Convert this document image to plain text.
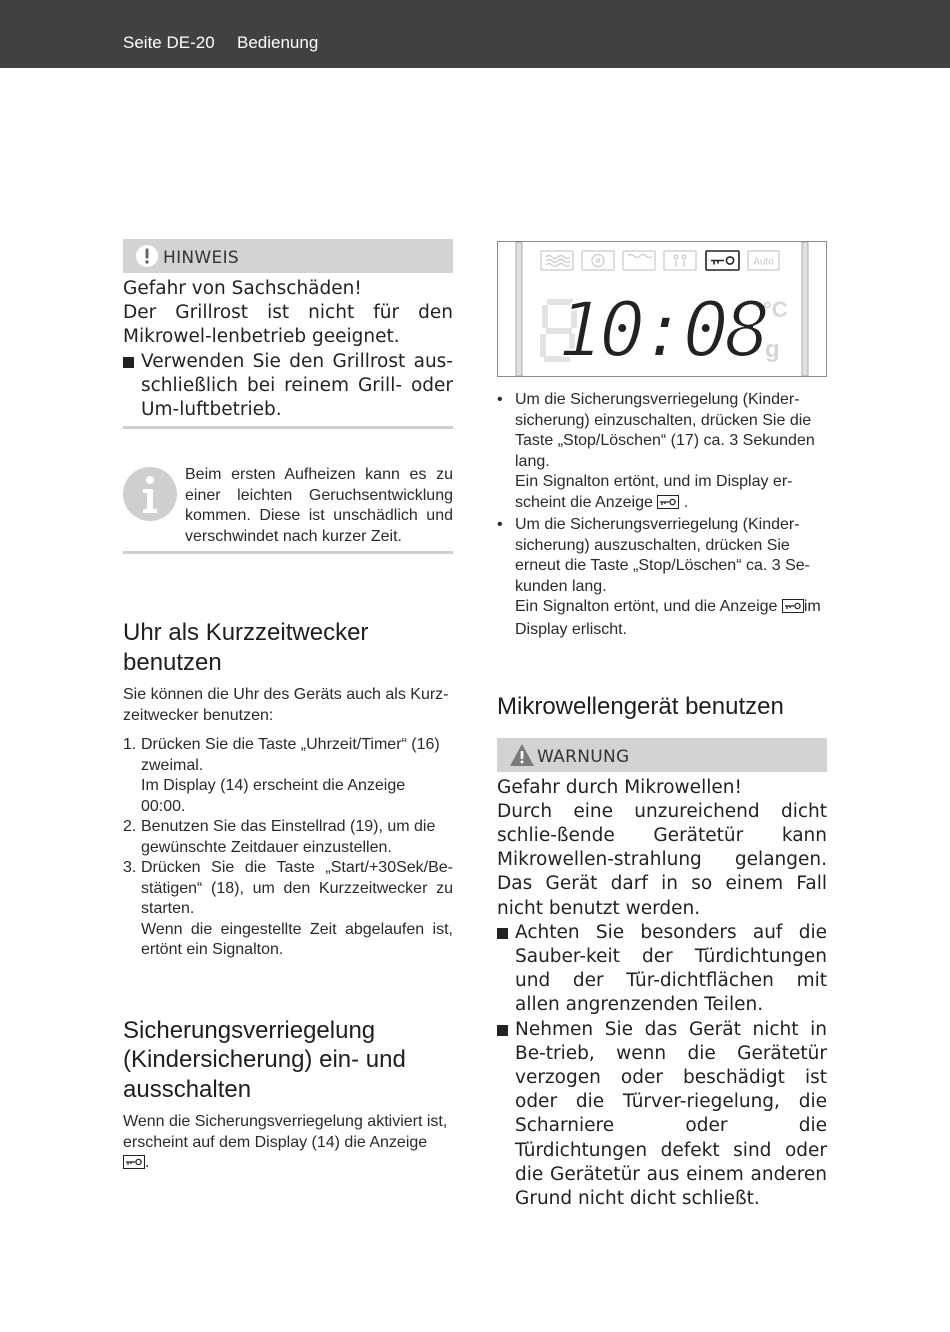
Seite DE-20 Bedienung
HINWEIS

Gefahr von Sachschäden!

Der Grillrost ist nicht für den Mikrowel-lenbetrieb geeignet.

Verwenden Sie den Grillrost aus-schließlich bei reinem Grill- oder Um-luftbetrieb.

Beim ersten Aufheizen kann es zu einer leichten Geruchsentwicklung kommen. Diese ist unschädlich und verschwindet nach kurzer Zeit.
Uhr als Kurzzeitwecker
benutzen

Sie können die Uhr des Geräts auch als Kurz-zeitwecker benutzen:

1. Drücken Sie die Taste „Uhrzeit/Timer“ (16) zweimal.
Im Display (14) erscheint die Anzeige 00:00.
2. Benutzen Sie das Einstellrad (19), um die gewünschte Zeitdauer einzustellen.
3. Drücken Sie die Taste „Start/+30Sek/Be-stätigen“ (18), um den Kurzzeitwecker zu starten.
Wenn die eingestellte Zeit abgelaufen ist, ertönt ein Signalton.
Sicherungsverriegelung
(Kindersicherung) ein- und
ausschalten
Wenn die Sicherungsverriegelung aktiviert ist,
erscheint auf dem Display (14) die Anzeige .
Auto
10:08
°C
g
• Um die Sicherungsverriegelung (Kinder-sicherung) einzuschalten, drücken Sie die Taste „Stop/Löschen“ (17) ca. 3 Sekunden lang.
Ein Signalton ertönt, und im Display er-
scheint die Anzeige  .
• Um die Sicherungsverriegelung (Kinder-sicherung) auszuschalten, drücken Sie erneut die Taste „Stop/Löschen“ ca. 3 Se-kunden lang.
Ein Signalton ertönt, und die Anzeige im
Display erlischt.
Mikrowellengerät benutzen
WARNUNG

Gefahr durch Mikrowellen!

Durch eine unzureichend dicht schlie-ßende Gerätetür kann Mikrowellen-strahlung gelangen. Das Gerät darf in so einem Fall nicht benutzt werden.

Achten Sie besonders auf die Sauber-keit der Türdichtungen und der Tür-dichtflächen mit allen angrenzenden Teilen.

Nehmen Sie das Gerät nicht in Be-trieb, wenn die Gerätetür verzogen oder beschädigt ist oder die Türver-riegelung, die Scharniere oder die Türdichtungen defekt sind oder die Gerätetür aus einem anderen Grund nicht dicht schließt.
